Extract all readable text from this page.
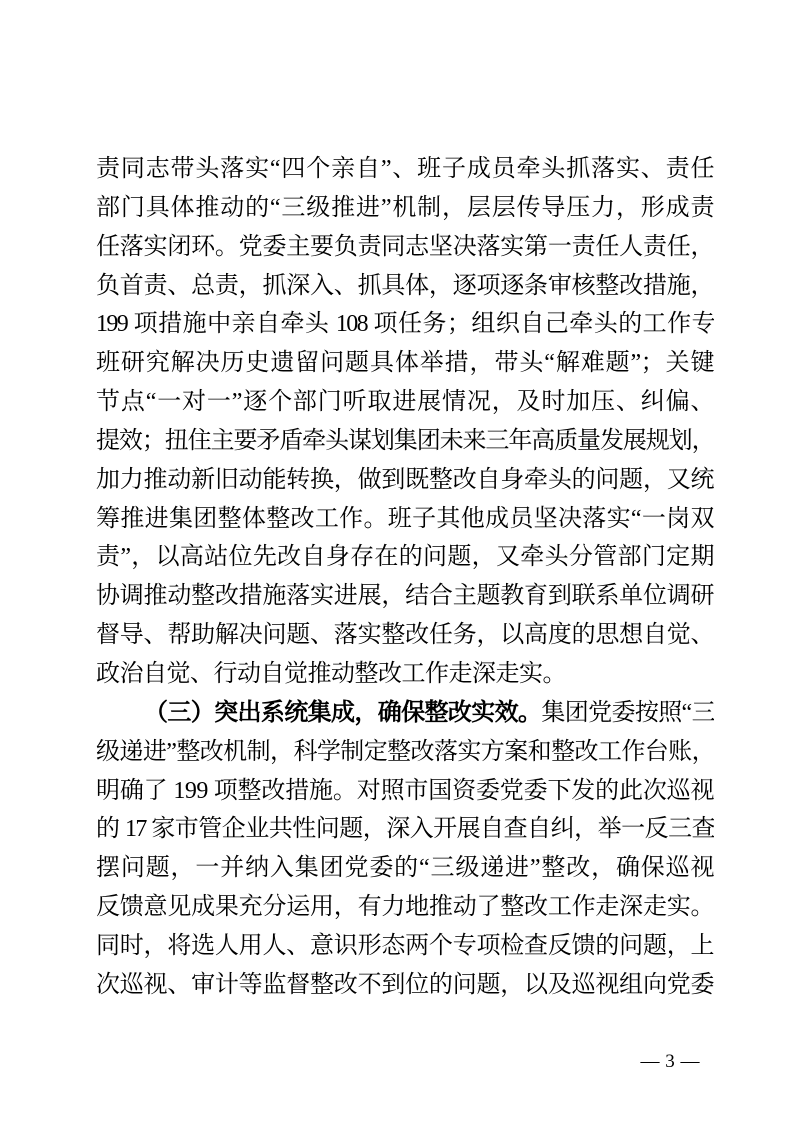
责同志带头落实“四个亲自”、班子成员牵头抓落实、责任
部门具体推动的“三级推进”机制，层层传导压力，形成责
任落实闭环。党委主要负责同志坚决落实第一责任人责任，
负首责、总责，抓深入、抓具体，逐项逐条审核整改措施，
199 项措施中亲自牵头 108 项任务；组织自己牵头的工作专
班研究解决历史遗留问题具体举措，带头“解难题”；关键
节点“一对一”逐个部门听取进展情况，及时加压、纠偏、
提效；扭住主要矛盾牵头谋划集团未来三年高质量发展规划，
加力推动新旧动能转换，做到既整改自身牵头的问题，又统
筹推进集团整体整改工作。班子其他成员坚决落实“一岗双
责”，以高站位先改自身存在的问题，又牵头分管部门定期
协调推动整改措施落实进展，结合主题教育到联系单位调研
督导、帮助解决问题、落实整改任务，以高度的思想自觉、
政治自觉、行动自觉推动整改工作走深走实。
（三）突出系统集成，确保整改实效。集团党委按照“三
级递进”整改机制，科学制定整改落实方案和整改工作台账，
明确了 199 项整改措施。对照市国资委党委下发的此次巡视
的 17 家市管企业共性问题，深入开展自查自纠，举一反三查
摆问题，一并纳入集团党委的“三级递进”整改，确保巡视
反馈意见成果充分运用，有力地推动了整改工作走深走实。
同时，将选人用人、意识形态两个专项检查反馈的问题，上
次巡视、审计等监督整改不到位的问题，以及巡视组向党委
— 3 —
